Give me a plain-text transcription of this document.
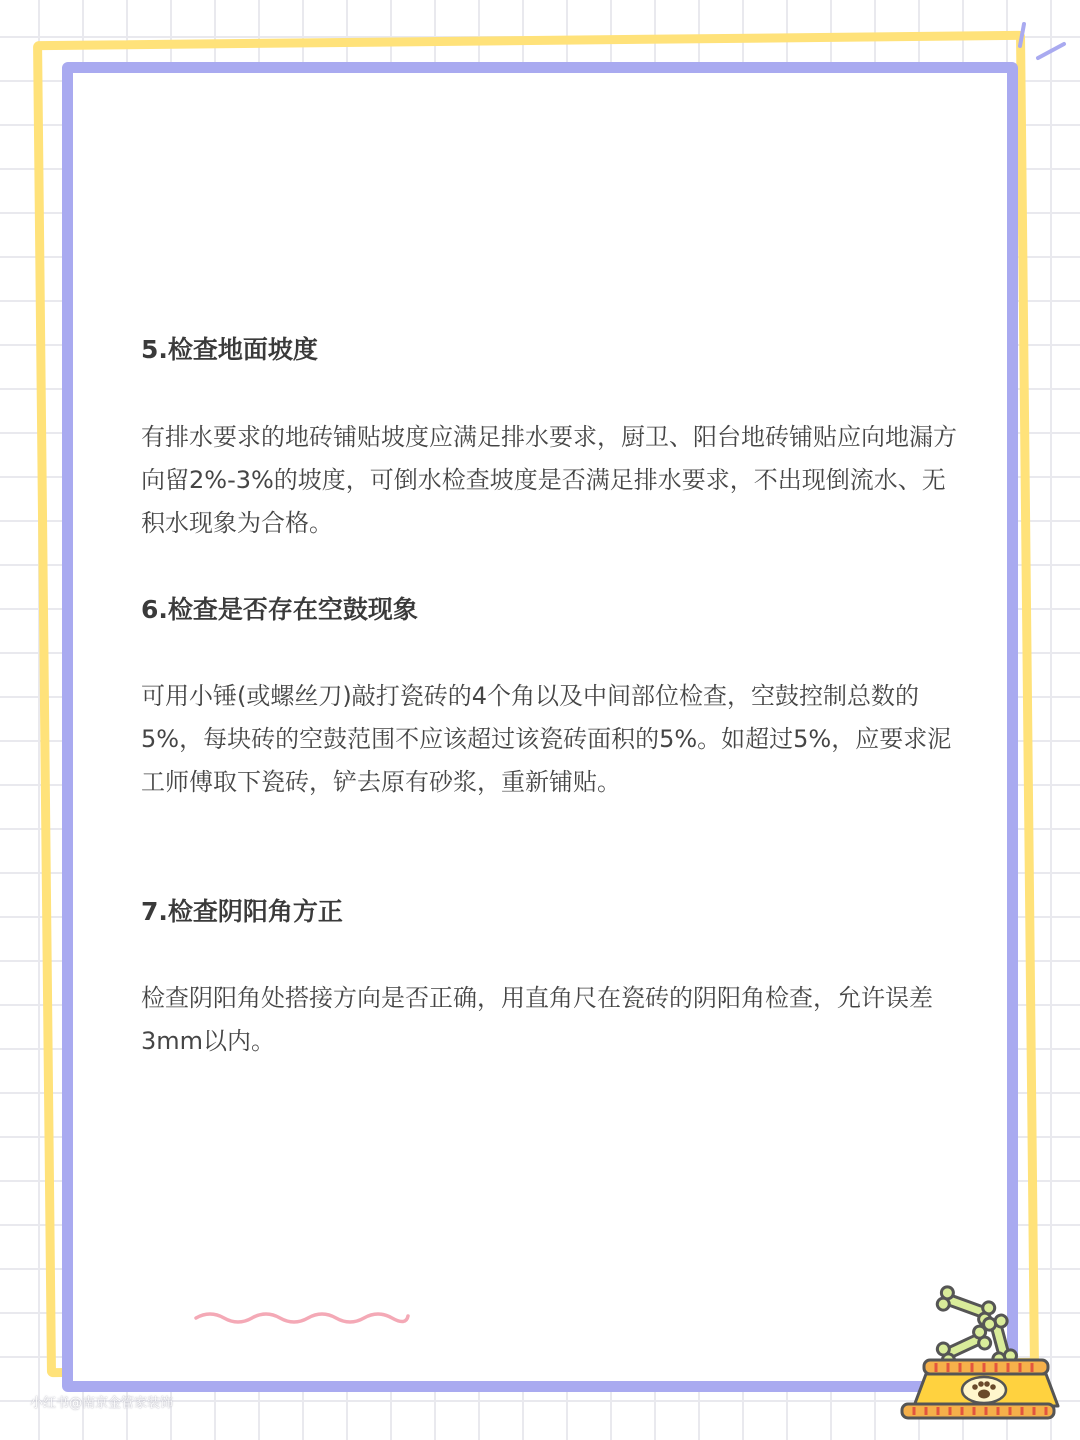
5.检查地面坡度

有排水要求的地砖铺贴坡度应满足排水要求，厨卫、阳台地砖铺贴应向地漏方向留2%-3%的坡度，可倒水检查坡度是否满足排水要求，不出现倒流水、无积水现象为合格。

6.检查是否存在空鼓现象

可用小锤(或螺丝刀)敲打瓷砖的4个角以及中间部位检查，空鼓控制总数的5%，每块砖的空鼓范围不应该超过该瓷砖面积的5%。如超过5%，应要求泥工师傅取下瓷砖，铲去原有砂浆，重新铺贴。

7.检查阴阳角方正

检查阴阳角处搭接方向是否正确，用直角尺在瓷砖的阴阳角检查，允许误差3mm以内。

小红书@南京金管家装饰
